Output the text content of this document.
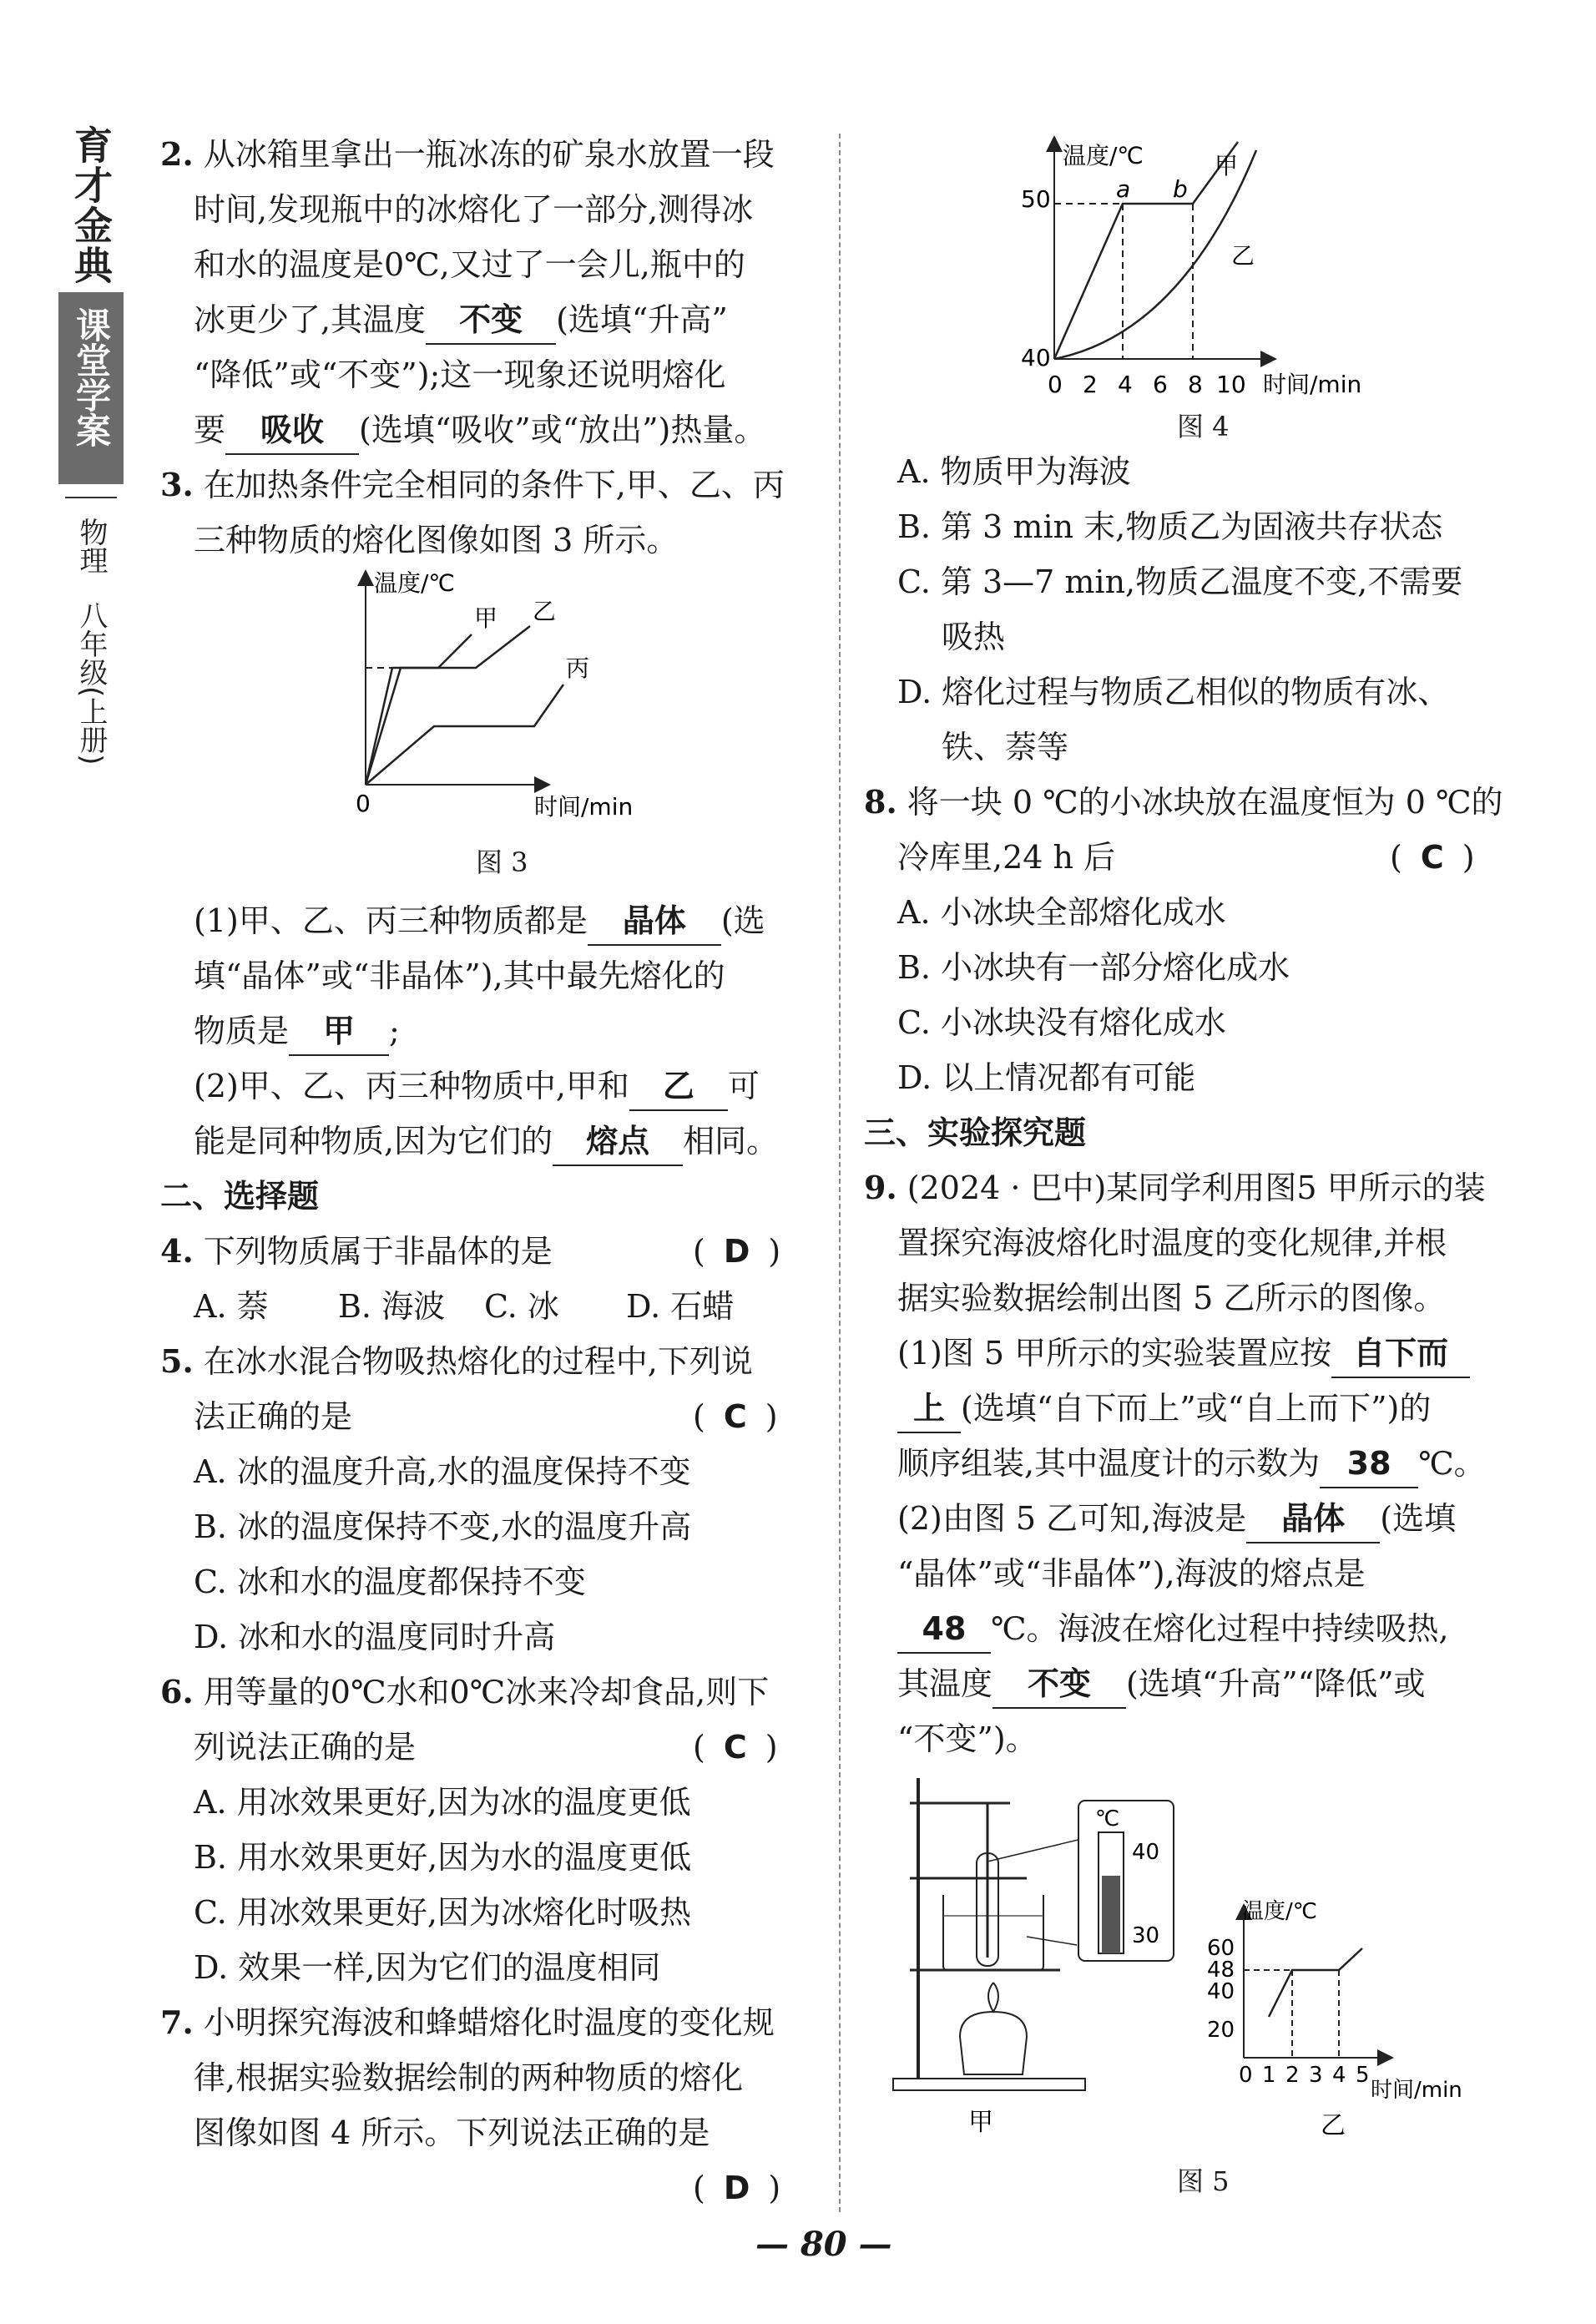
育才金典
课堂学案
物理
八年级(上册)
2. 从冰箱里拿出一瓶冰冻的矿泉水放置一段
时间,发现瓶中的冰熔化了一部分,测得冰
和水的温度是0℃,又过了一会儿,瓶中的
冰更少了,其温度 不变 (选填“升高”
“降低”或“不变”);这一现象还说明熔化
要 吸收 (选填“吸收”或“放出”)热量。
3. 在加热条件完全相同的条件下,甲、乙、丙
三种物质的熔化图像如图 3 所示。
温度/℃
时间/min
0
甲 乙
丙
图 3
(1)甲、乙、丙三种物质都是 晶体 (选
填“晶体”或“非晶体”),其中最先熔化的
物质是 甲 ;
(2)甲、乙、丙三种物质中,甲和 乙 可
能是同种物质,因为它们的 熔点 相同。
二、选择题
4. 下列物质属于非晶体的是	( D )
A. 萘 B. 海波 C. 冰 D. 石蜡
5. 在冰水混合物吸热熔化的过程中,下列说
法正确的是	( C )
A. 冰的温度升高,水的温度保持不变
B. 冰的温度保持不变,水的温度升高
C. 冰和水的温度都保持不变
D. 冰和水的温度同时升高
6. 用等量的0℃水和0℃冰来冷却食品,则下
列说法正确的是	( C )
A. 用冰效果更好,因为冰的温度更低
B. 用水效果更好,因为水的温度更低
C. 用冰效果更好,因为冰熔化时吸热
D. 效果一样,因为它们的温度相同
7. 小明探究海波和蜂蜡熔化时温度的变化规
律,根据实验数据绘制的两种物质的熔化
图像如图 4 所示。下列说法正确的是
( D )
温度/℃
50
40
0 2 4 6 8 10 时间/min
a b
甲
乙
图 4
A. 物质甲为海波
B. 第 3 min 末,物质乙为固液共存状态
C. 第 3—7 min,物质乙温度不变,不需要
吸热
D. 熔化过程与物质乙相似的物质有冰、
铁、萘等
8. 将一块 0 ℃的小冰块放在温度恒为 0 ℃的
冷库里,24 h 后	( C )
A. 小冰块全部熔化成水
B. 小冰块有一部分熔化成水
C. 小冰块没有熔化成水
D. 以上情况都有可能
三、实验探究题
9. (2024 · 巴中)某同学利用图5 甲所示的装
置探究海波熔化时温度的变化规律,并根
据实验数据绘制出图 5 乙所示的图像。
(1)图 5 甲所示的实验装置应按 自下而
上 (选填“自下而上”或“自上而下”)的
顺序组装,其中温度计的示数为 38 ℃。
(2)由图 5 乙可知,海波是 晶体 (选填
“晶体”或“非晶体”),海波的熔点是
48 ℃。海波在熔化过程中持续吸热,
其温度 不变 (选填“升高”“降低”或
“不变”)。
甲
℃
40
30
温度/℃
60
48
40
20
0 1 2 3 4 5
时间/min
乙
图 5
— 80 —
